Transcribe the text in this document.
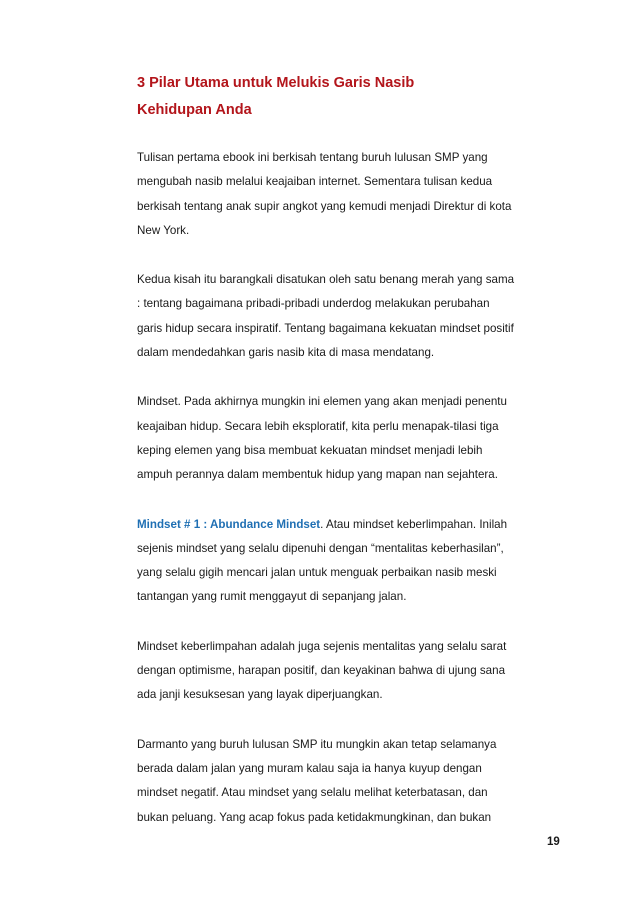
3 Pilar Utama untuk Melukis Garis Nasib
Kehidupan Anda
Tulisan pertama ebook ini berkisah tentang buruh lulusan SMP yang
mengubah nasib melalui keajaiban internet. Sementara tulisan kedua
berkisah tentang anak supir angkot yang kemudi menjadi Direktur di kota
New York.
Kedua kisah itu barangkali disatukan oleh satu benang merah yang sama
: tentang bagaimana pribadi-pribadi underdog melakukan perubahan
garis hidup secara inspiratif. Tentang bagaimana kekuatan mindset positif
dalam mendedahkan garis nasib kita di masa mendatang.
Mindset. Pada akhirnya mungkin ini elemen yang akan menjadi penentu
keajaiban hidup. Secara lebih eksploratif, kita perlu menapak-tilasi tiga
keping elemen yang bisa membuat kekuatan mindset menjadi lebih
ampuh perannya dalam membentuk hidup yang mapan nan sejahtera.
Mindset # 1 : Abundance Mindset. Atau mindset keberlimpahan. Inilah
sejenis mindset yang selalu dipenuhi dengan “mentalitas keberhasilan”,
yang selalu gigih mencari jalan untuk menguak perbaikan nasib meski
tantangan yang rumit menggayut di sepanjang jalan.
Mindset keberlimpahan adalah juga sejenis mentalitas yang selalu sarat
dengan optimisme, harapan positif, dan keyakinan bahwa di ujung sana
ada janji kesuksesan yang layak diperjuangkan.
Darmanto yang buruh lulusan SMP itu mungkin akan tetap selamanya
berada dalam jalan yang muram kalau saja ia hanya kuyup dengan
mindset negatif. Atau mindset yang selalu melihat keterbatasan, dan
bukan peluang. Yang acap fokus pada ketidakmungkinan, dan bukan
19
